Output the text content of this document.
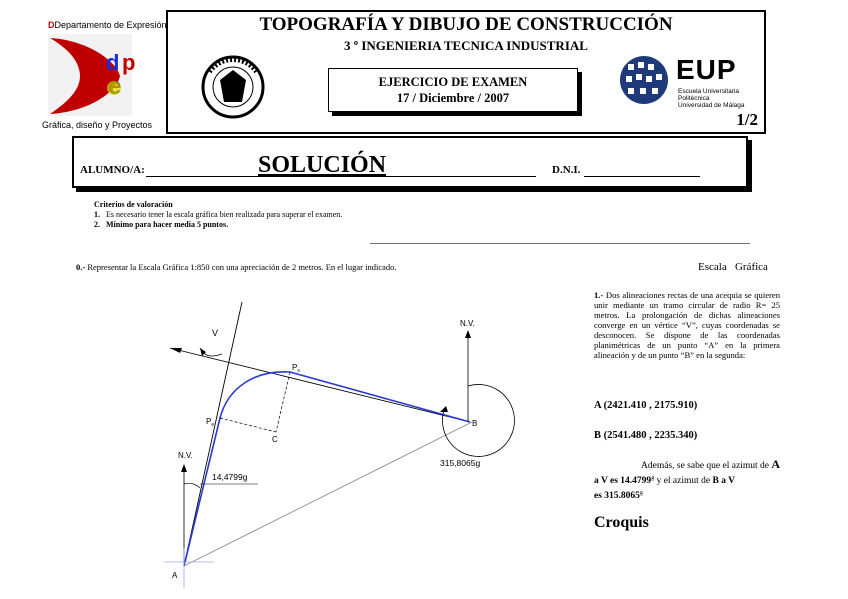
DDepartamento de Expresión
d p
Gráfica, diseño y Proyectos
TOPOGRAFÍA Y DIBUJO DE CONSTRUCCIÓN
3 º INGENIERIA TECNICA INDUSTRIAL
EJERCICIO DE EXAMEN
17 / Diciembre / 2007
EUP
Escuela Universitaria Politécnica
Universidad de Málaga
1/2
ALUMNO/A:	SOLUCIÓN	D.N.I.
Criterios de valoración
1. Es necesario tener la escala gráfica bien realizada para superar el examen.
2. Mínimo para hacer media 5 puntos.
0.- Representar la Escala Gráfica 1:850 con una apreciación de 2 metros. En el lugar indicado.	Escala   Gráfica
V
$P_e$
$P_s$
C
N.V.
A
14,4799g
N.V.
B
315,8065g
1.- Dos alineaciones rectas de una acequia se quieren unir mediante un tramo circular de radio R= 25 metros. La prolongación de dichas alineaciones converge en un vértice “V”, cuyas coordenadas se desconocen. Se dispone de las coordenadas planimétricas de un punto “A” en la primera alineación y de un punto “B” en la segunda:
A (2421.410 , 2175.910)
B (2541.480 , 2235.340)
Además, se sabe que el azimut de A
a V es 14.4799$^g$ y el azimut de B a V
es 315.8065$^g$
Croquis
